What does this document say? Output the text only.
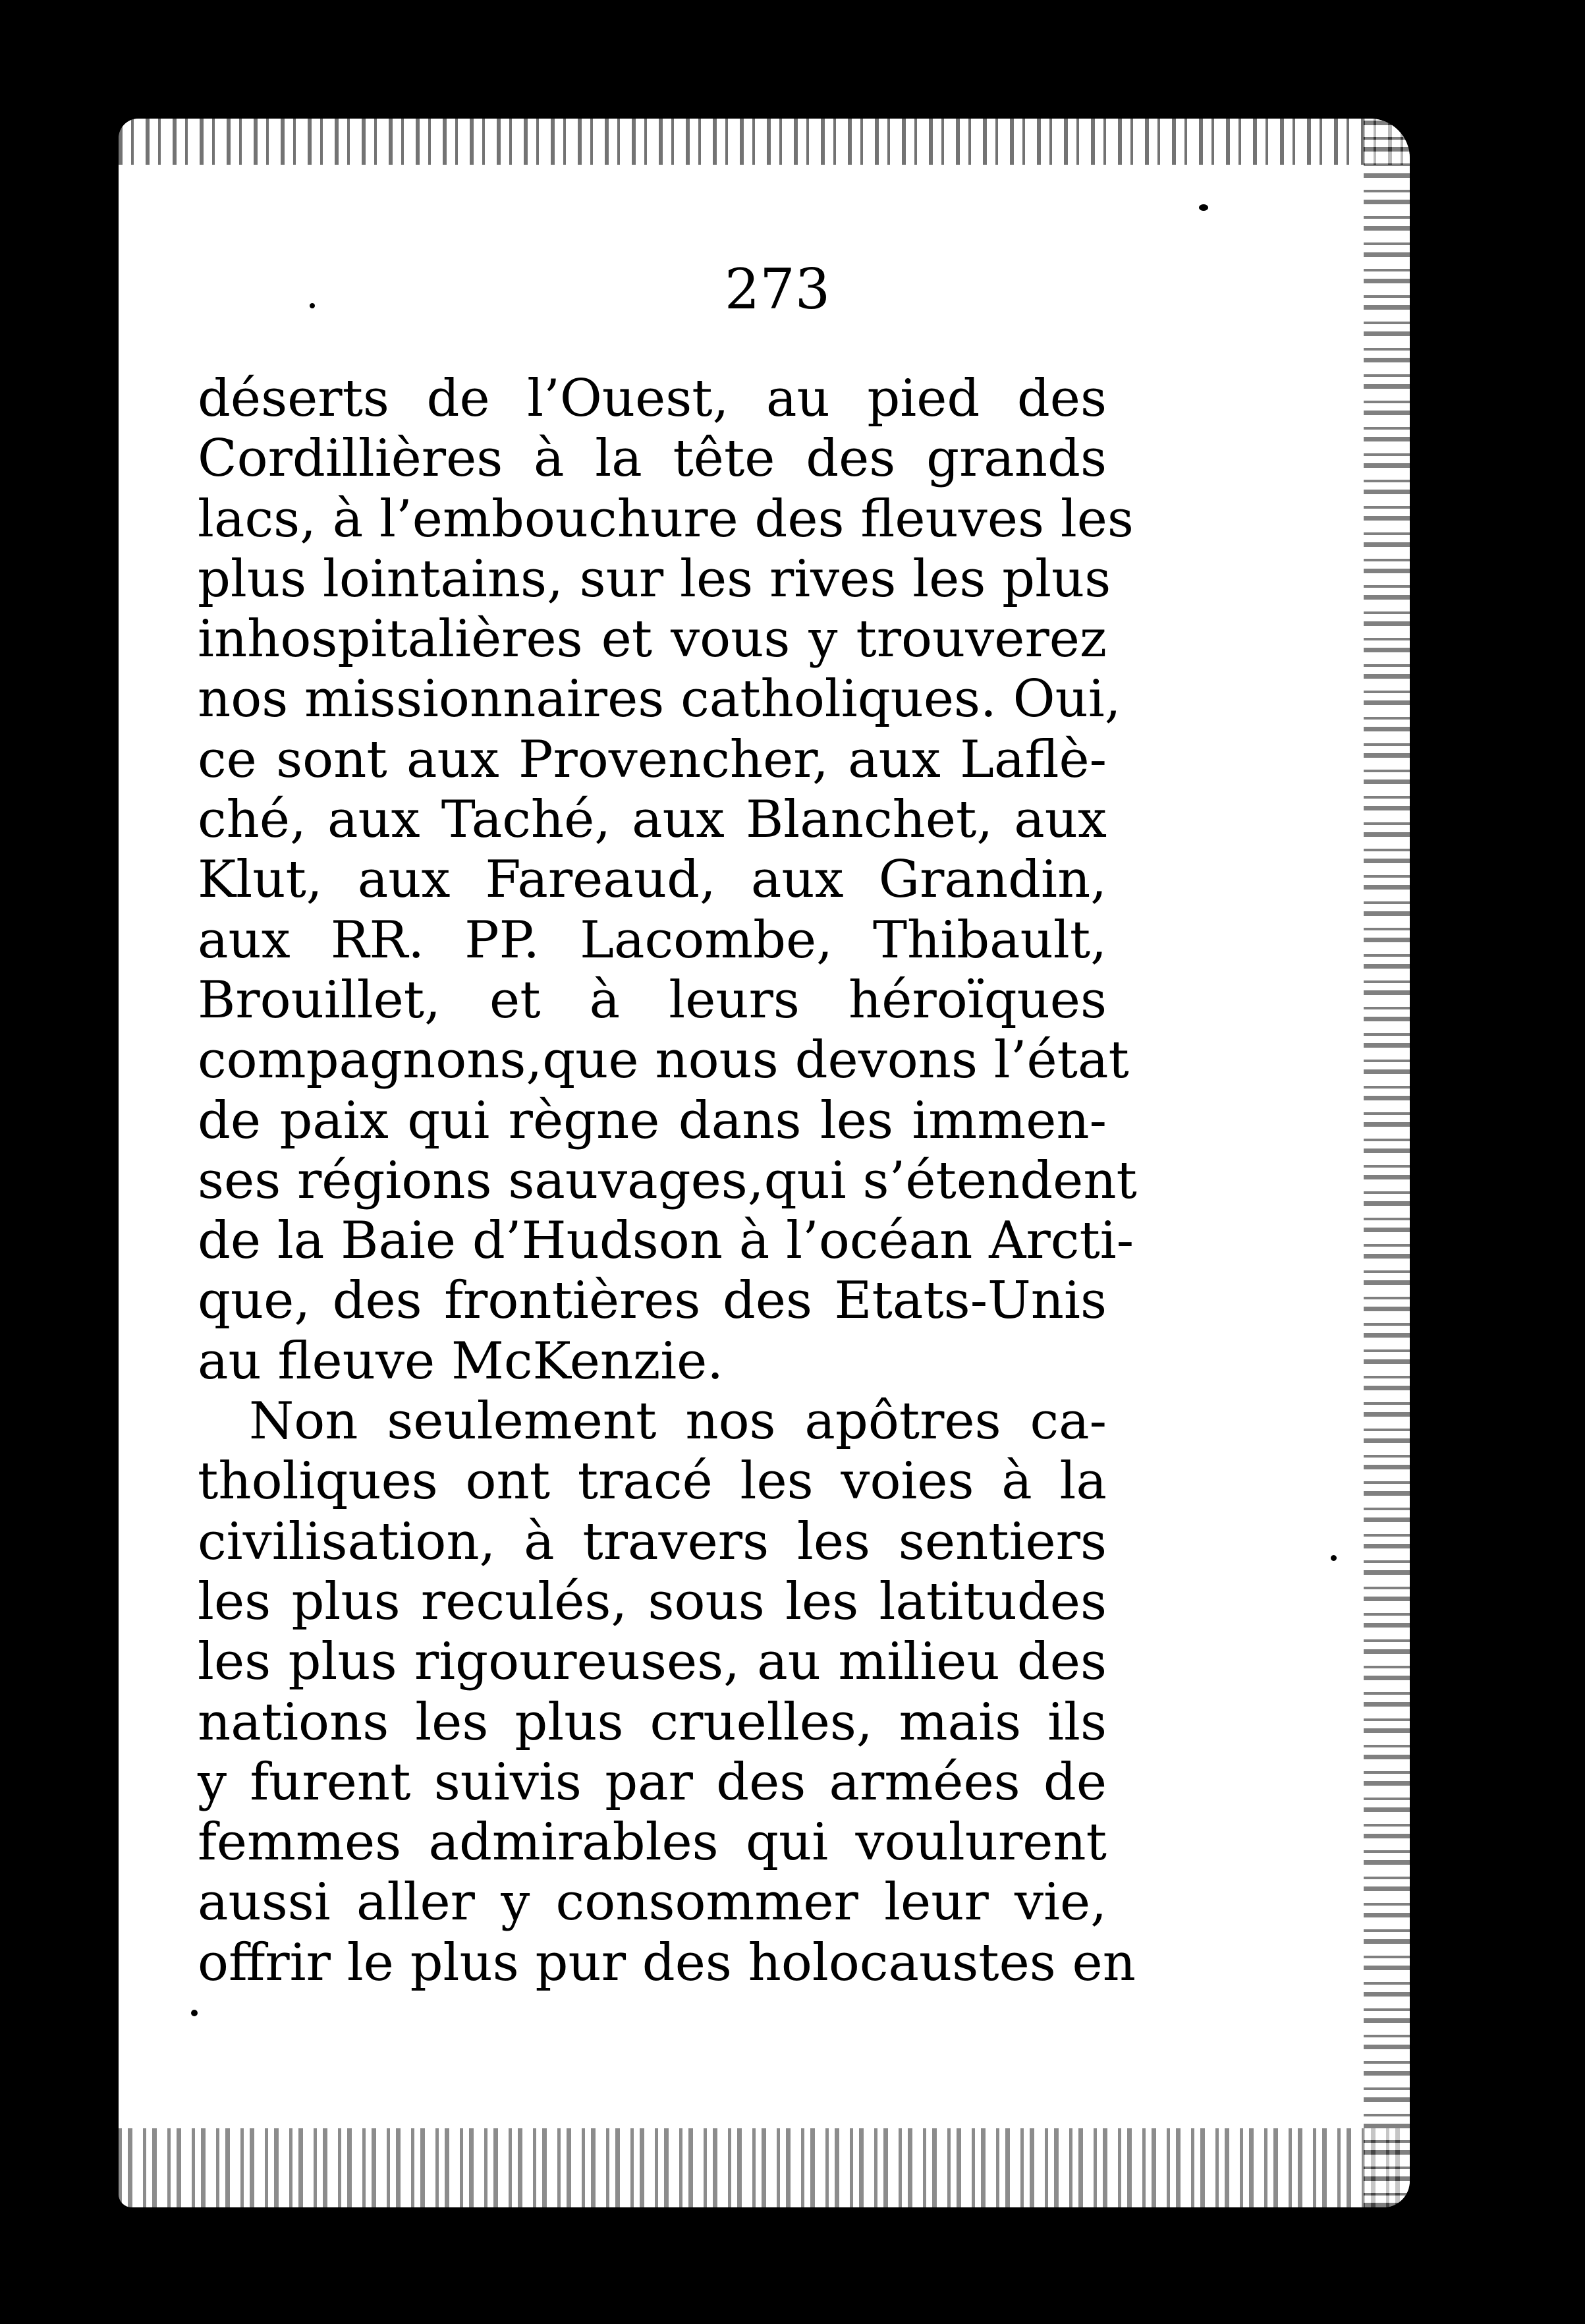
273
déserts de l’Ouest, au pied des
Cordillières à la tête des grands
lacs, à l’embouchure des fleuves les
plus lointains, sur les rives les plus
inhospitalières et vous y trouverez
nos missionnaires catholiques. Oui,
ce sont aux Provencher, aux Laflè-
ché, aux Taché, aux Blanchet, aux
Klut, aux Fareaud, aux Grandin,
aux RR. PP. Lacombe, Thibault,
Brouillet, et à leurs héroïques
compagnons,que nous devons l’état
de paix qui règne dans les immen-
ses régions sauvages,qui s’étendent
de la Baie d’Hudson à l’océan Arcti-
que, des frontières des Etats-Unis
au fleuve McKenzie.
Non seulement nos apôtres ca-
tholiques ont tracé les voies à la
civilisation, à travers les sentiers
les plus reculés, sous les latitudes
les plus rigoureuses, au milieu des
nations les plus cruelles, mais ils
y furent suivis par des armées de
femmes admirables qui voulurent
aussi aller y consommer leur vie,
offrir le plus pur des holocaustes en
